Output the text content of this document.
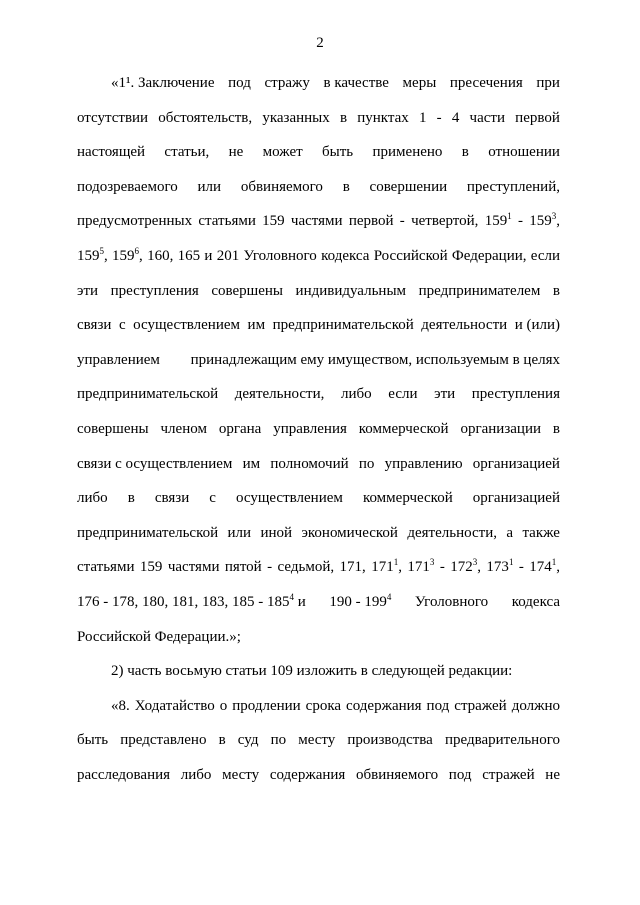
2
«1¹. Заключение под стражу в качестве меры пресечения при
отсутствии обстоятельств, указанных в пунктах 1 - 4 части первой
настоящей статьи, не может быть применено в отношении
подозреваемого или обвиняемого в совершении преступлений,
предусмотренных статьями 159 частями первой - четвертой, $159^1 - 159^3$,
$159^5$, $159^6$, 160, 165 и 201 Уголовного кодекса Российской Федерации, если
эти преступления совершены индивидуальным предпринимателем в
связи с осуществлением им предпринимательской деятельности и (или)
управлением принадлежащим ему имуществом, используемым в целях
предпринимательской деятельности, либо если эти преступления
совершены членом органа управления коммерческой организации в
связи с осуществлением им полномочий по управлению организацией
либо в связи с осуществлением коммерческой организацией
предпринимательской или иной экономической деятельности, а также
статьями 159 частями пятой - седьмой, 171, $171^1$, $171^3 - 172^3$, $173^1 - 174^1$,
176 - 178, 180, 181, 183, $185 - 185^4$ и $190 - 199^4$ Уголовного кодекса
Российской Федерации.»;
2) часть восьмую статьи 109 изложить в следующей редакции:
«8. Ходатайство о продлении срока содержания под стражей должно
быть представлено в суд по месту производства предварительного
расследования либо месту содержания обвиняемого под стражей не
